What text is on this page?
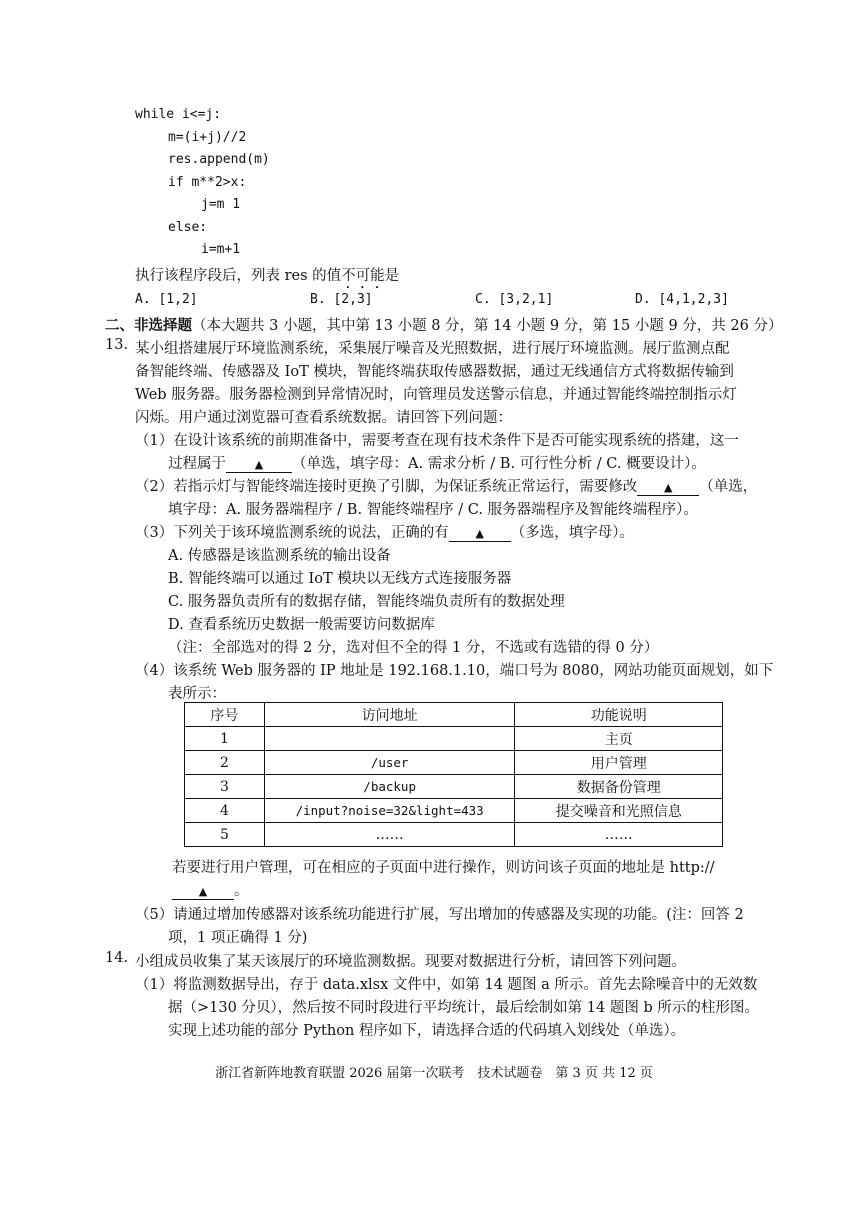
while i<=j:
m=(i+j)//2
res.append(m)
if m**2>x:
j=m 1
else:
i=m+1
执行该程序段后，列表 res 的值不可能是
A. [1,2]	B. [2,3]	C. [3,2,1]	D. [4,1,2,3]
二、非选择题（本大题共 3 小题，其中第 13 小题 8 分，第 14 小题 9 分，第 15 小题 9 分，共 26 分）
13. 某小组搭建展厅环境监测系统，采集展厅噪音及光照数据，进行展厅环境监测。展厅监测点配
备智能终端、传感器及 IoT 模块，智能终端获取传感器数据，通过无线通信方式将数据传输到
Web 服务器。服务器检测到异常情况时，向管理员发送警示信息，并通过智能终端控制指示灯
闪烁。用户通过浏览器可查看系统数据。请回答下列问题：
（1）在设计该系统的前期准备中，需要考查在现有技术条件下是否可能实现系统的搭建，这一
过程属于	▲ （单选，填字母：A. 需求分析 / B. 可行性分析 / C. 概要设计）。
（2）若指示灯与智能终端连接时更换了引脚，为保证系统正常运行，需要修改 ▲ （单选，
填字母：A. 服务器端程序 / B. 智能终端程序 / C. 服务器端程序及智能终端程序）。
（3）下列关于该环境监测系统的说法，正确的有 ▲ （多选，填字母）。
A. 传感器是该监测系统的输出设备
B. 智能终端可以通过 IoT 模块以无线方式连接服务器
C. 服务器负责所有的数据存储，智能终端负责所有的数据处理
D. 查看系统历史数据一般需要访问数据库
（注：全部选对的得 2 分，选对但不全的得 1 分，不选或有选错的得 0 分）
（4）该系统 Web 服务器的 IP 地址是 192.168.1.10，端口号为 8080，网站功能页面规划，如下
表所示：
序号	访问地址	功能说明
1		主页
2	/user	用户管理
3	/backup	数据备份管理
4	/input?noise=32&light=433	提交噪音和光照信息
5	……	……
若要进行用户管理，可在相应的子页面中进行操作，则访问该子页面的地址是 http://
▲ 。
（5）请通过增加传感器对该系统功能进行扩展，写出增加的传感器及实现的功能。(注：回答 2
项，1 项正确得 1 分)
14. 小组成员收集了某天该展厅的环境监测数据。现要对数据进行分析，请回答下列问题。
（1）将监测数据导出，存于 data.xlsx 文件中，如第 14 题图 a 所示。首先去除噪音中的无效数
据（>130 分贝），然后按不同时段进行平均统计，最后绘制如第 14 题图 b 所示的柱形图。
实现上述功能的部分 Python 程序如下，请选择合适的代码填入划线处（单选）。
浙江省新阵地教育联盟 2026 届第一次联考　技术试题卷　第 3 页 共 12 页
